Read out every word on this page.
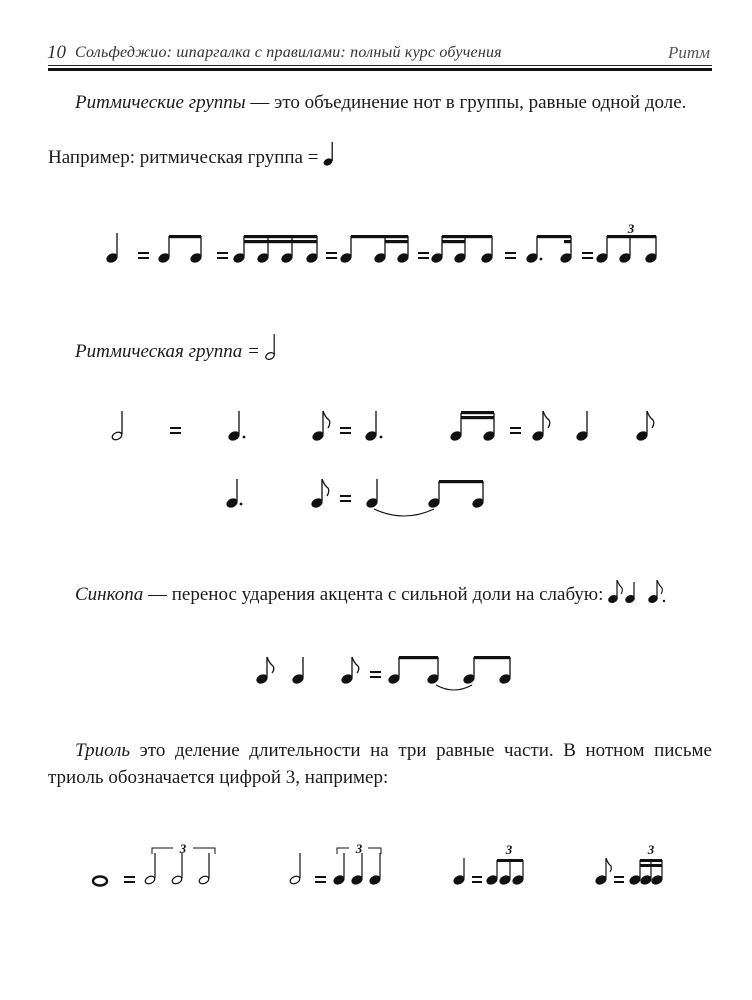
10 Сольфеджио: шпаргалка с правилами: полный курс обучения	Ритм
Ритмические группы — это объединение нот в группы, равные одной доле.
Например: ритмическая группа =
3
Ритмическая группа =
Синкопа — перенос ударения акцента с сильной доли на слабую:
Триоль это деление длительности на три равные части. В нотном письме триоль обозначается цифрой 3, например:
3	3	3	3
